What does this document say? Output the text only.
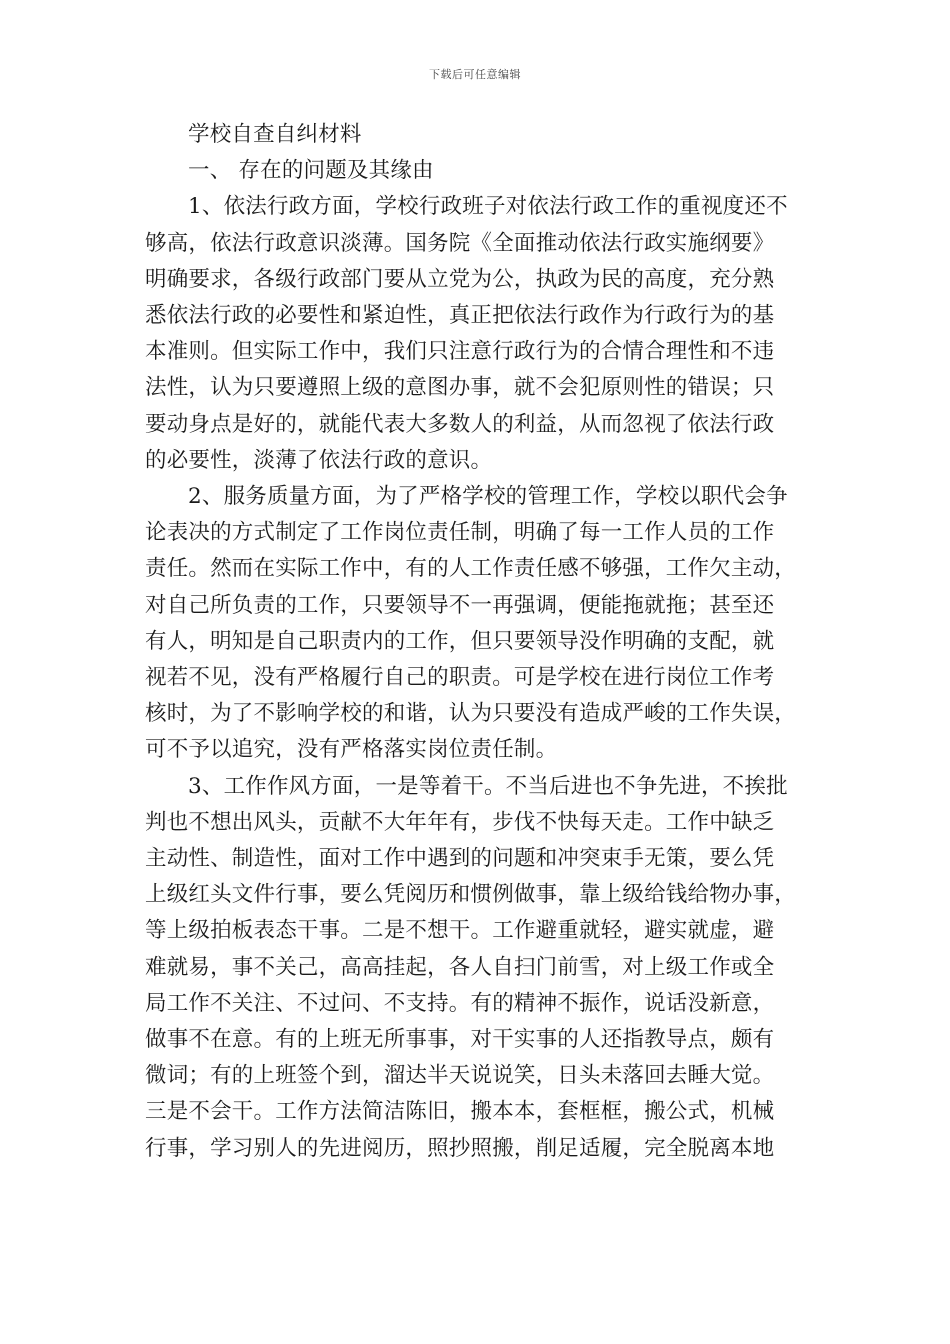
下载后可任意编辑
学校自查自纠材料
一、 存在的问题及其缘由
1、依法行政方面，学校行政班子对依法行政工作的重视度还不
够高，依法行政意识淡薄。国务院《全面推动依法行政实施纲要》
明确要求，各级行政部门要从立党为公，执政为民的高度，充分熟
悉依法行政的必要性和紧迫性，真正把依法行政作为行政行为的基
本准则。但实际工作中，我们只注意行政行为的合情合理性和不违
法性，认为只要遵照上级的意图办事，就不会犯原则性的错误；只
要动身点是好的，就能代表大多数人的利益，从而忽视了依法行政
的必要性，淡薄了依法行政的意识。
2、服务质量方面，为了严格学校的管理工作，学校以职代会争
论表决的方式制定了工作岗位责任制，明确了每一工作人员的工作
责任。然而在实际工作中，有的人工作责任感不够强，工作欠主动，
对自己所负责的工作，只要领导不一再强调，便能拖就拖；甚至还
有人，明知是自己职责内的工作，但只要领导没作明确的支配，就
视若不见，没有严格履行自己的职责。可是学校在进行岗位工作考
核时，为了不影响学校的和谐，认为只要没有造成严峻的工作失误，
可不予以追究，没有严格落实岗位责任制。
3、工作作风方面，一是等着干。不当后进也不争先进，不挨批
判也不想出风头，贡献不大年年有，步伐不快每天走。工作中缺乏
主动性、制造性，面对工作中遇到的问题和冲突束手无策，要么凭
上级红头文件行事，要么凭阅历和惯例做事，靠上级给钱给物办事，
等上级拍板表态干事。二是不想干。工作避重就轻，避实就虚，避
难就易，事不关己，高高挂起，各人自扫门前雪，对上级工作或全
局工作不关注、不过问、不支持。有的精神不振作，说话没新意，
做事不在意。有的上班无所事事，对干实事的人还指教导点，颇有
微词；有的上班签个到，溜达半天说说笑，日头未落回去睡大觉。
三是不会干。工作方法简洁陈旧，搬本本，套框框，搬公式，机械
行事，学习别人的先进阅历，照抄照搬，削足适履，完全脱离本地
